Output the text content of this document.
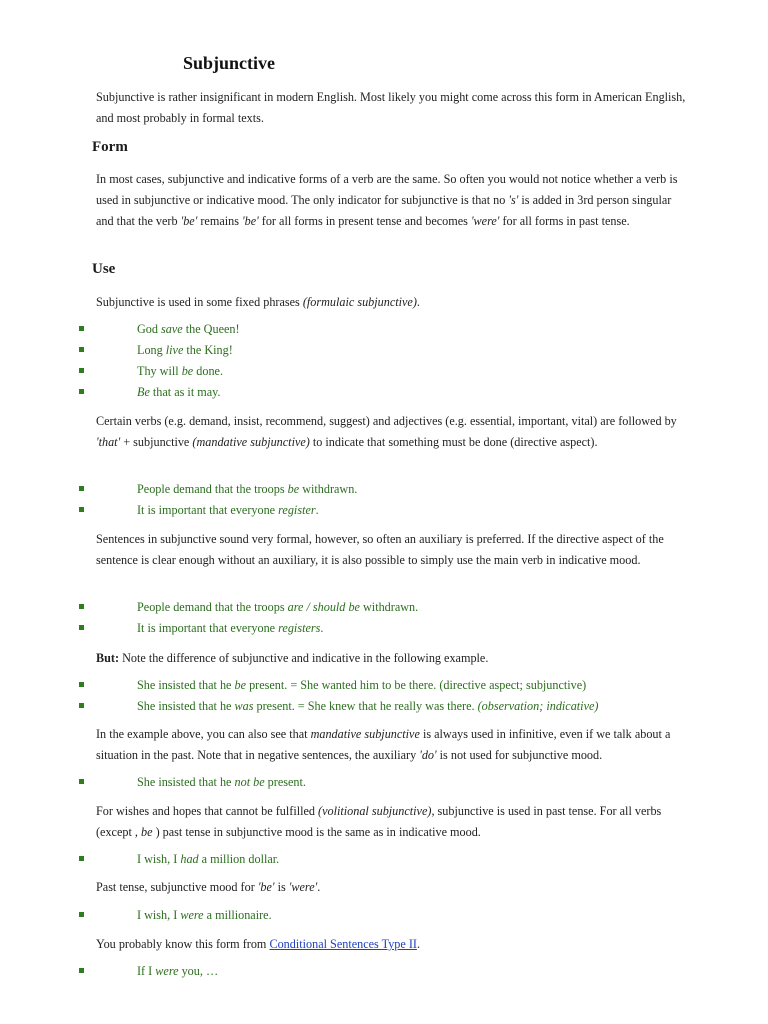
Subjunctive
Subjunctive is rather insignificant in modern English. Most likely you might come across this form in American English, and most probably in formal texts.
Form
In most cases, subjunctive and indicative forms of a verb are the same. So often you would not notice whether a verb is used in subjunctive or indicative mood. The only indicator for subjunctive is that no 's' is added in 3rd person singular and that the verb 'be' remains 'be' for all forms in present tense and becomes 'were' for all forms in past tense.
Use
Subjunctive is used in some fixed phrases (formulaic subjunctive).
God save the Queen!
Long live the King!
Thy will be done.
Be that as it may.
Certain verbs (e.g. demand, insist, recommend, suggest) and adjectives (e.g. essential, important, vital) are followed by 'that' + subjunctive (mandative subjunctive) to indicate that something must be done (directive aspect).
People demand that the troops be withdrawn.
It is important that everyone register.
Sentences in subjunctive sound very formal, however, so often an auxiliary is preferred. If the directive aspect of the sentence is clear enough without an auxiliary, it is also possible to simply use the main verb in indicative mood.
People demand that the troops are / should be withdrawn.
It is important that everyone registers.
But: Note the difference of subjunctive and indicative in the following example.
She insisted that he be present. = She wanted him to be there. (directive aspect; subjunctive)
She insisted that he was present. = She knew that he really was there. (observation; indicative)
In the example above, you can also see that mandative subjunctive is always used in infinitive, even if we talk about a situation in the past. Note that in negative sentences, the auxiliary 'do' is not used for subjunctive mood.
She insisted that he not be present.
For wishes and hopes that cannot be fulfilled (volitional subjunctive), subjunctive is used in past tense. For all verbs (except , be ) past tense in subjunctive mood is the same as in indicative mood.
I wish, I had a million dollar.
Past tense, subjunctive mood for 'be' is 'were'.
I wish, I were a millionaire.
You probably know this form from Conditional Sentences Type II.
If I were you, …
